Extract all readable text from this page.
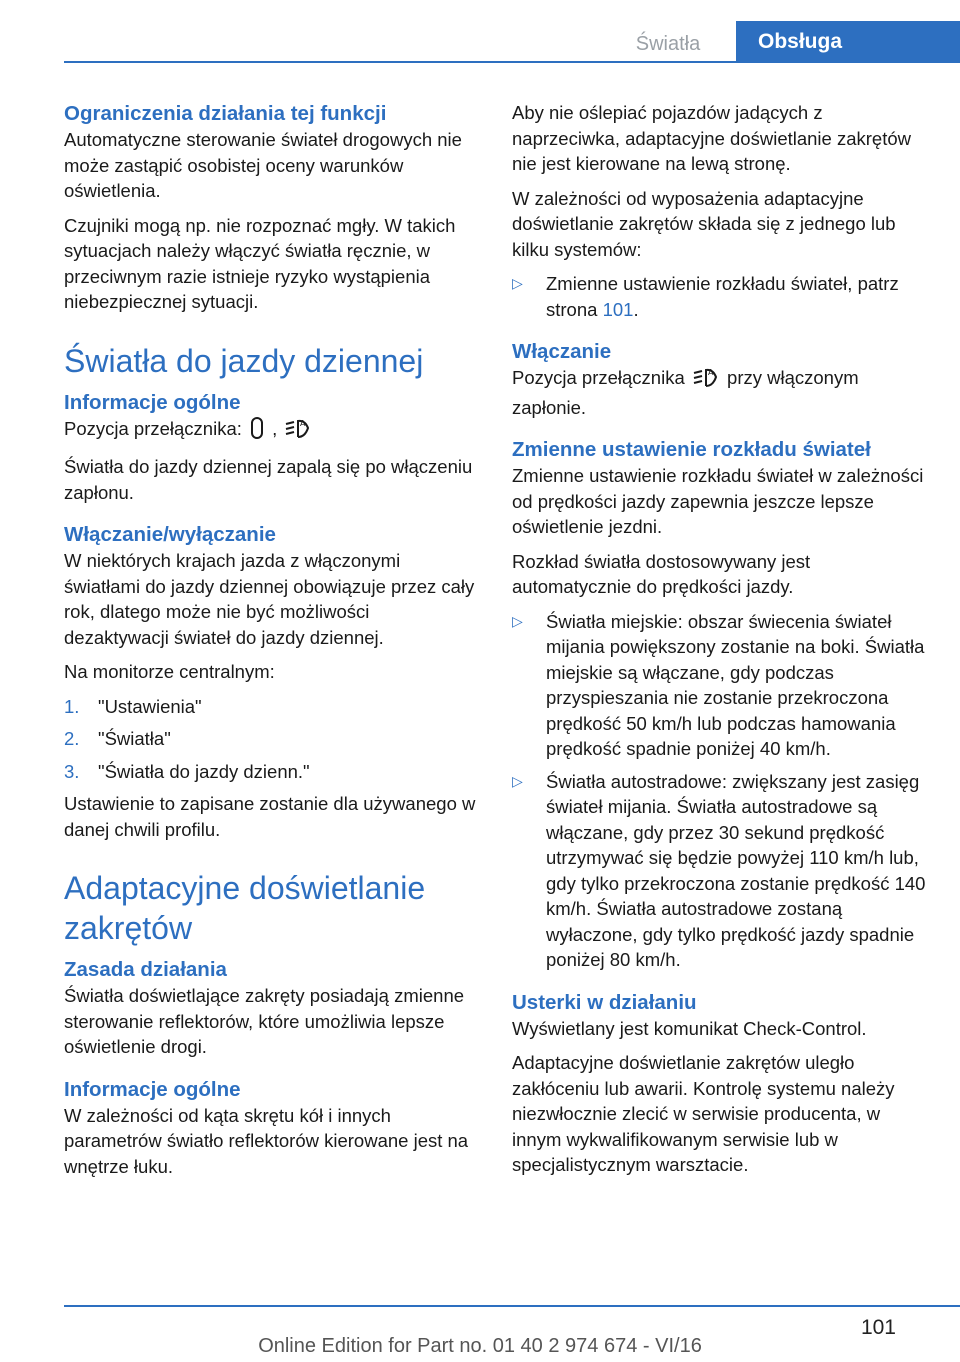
Światła	Obsługa
Ograniczenia działania tej funkcji

Automatyczne sterowanie świateł drogowych nie może zastąpić osobistej oceny warunków oświetlenia.

Czujniki mogą np. nie rozpoznać mgły. W takich sytuacjach należy włączyć światła ręcznie, w przeciwnym razie istnieje ryzyko wystąpienia niebezpiecznej sytuacji.

Światła do jazdy dziennej
Informacje ogólne

Pozycja przełącznika: ,	A

Światła do jazdy dziennej zapalą się po włączeniu zapłonu.

Włączanie/wyłączanie

W niektórych krajach jazda z włączonymi światłami do jazdy dziennej obowiązuje przez cały rok, dlatego może nie być możliwości dezaktywacji świateł do jazdy dziennej.

Na monitorze centralnym:

1. "Ustawienia"
2. "Światła"
3. "Światła do jazdy dzienn."

Ustawienie to zapisane zostanie dla używanego w danej chwili profilu.

Adaptacyjne doświetlanie zakrętów
Zasada działania

Światła doświetlające zakręty posiadają zmienne sterowanie reflektorów, które umożliwia lepsze oświetlenie drogi.

Informacje ogólne

W zależności od kąta skrętu kół i innych parametrów światło reflektorów kierowane jest na wnętrze łuku.

Aby nie oślepiać pojazdów jadących z naprzeciwka, adaptacyjne doświetlanie zakrętów nie jest kierowane na lewą stronę.

W zależności od wyposażenia adaptacyjne doświetlanie zakrętów składa się z jednego lub kilku systemów:

▷ Zmienne ustawienie rozkładu świateł, patrz strona 101.
Włączanie

Pozycja przełącznika	A przy włączonym zapłonie.

Zmienne ustawienie rozkładu świateł

Zmienne ustawienie rozkładu świateł w zależności od prędkości jazdy zapewnia jeszcze lepsze oświetlenie jezdni.

Rozkład światła dostosowywany jest automatycznie do prędkości jazdy.

▷ Światła miejskie: obszar świecenia świateł mijania powiększony zostanie na boki. Światła miejskie są włączane, gdy podczas przyspieszania nie zostanie przekroczona prędkość 50 km/h lub podczas hamowania prędkość spadnie poniżej 40 km/h.
▷ Światła autostradowe: zwiększany jest zasięg świateł mijania. Światła autostradowe są włączane, gdy przez 30 sekund prędkość utrzymywać się będzie powyżej 110 km/h lub, gdy tylko przekroczona zostanie prędkość 140 km/h. Światła autostradowe zostaną wyłaczone, gdy tylko prędkość jazdy spadnie poniżej 80 km/h.
Usterki w działaniu

Wyświetlany jest komunikat Check-Control.

Adaptacyjne doświetlanie zakrętów uległo zakłóceniu lub awarii. Kontrolę systemu należy niezwłocznie zlecić w serwisie producenta, w innym wykwalifikowanym serwisie lub w specjalistycznym warsztacie.

101
Online Edition for Part no. 01 40 2 974 674 - VI/16
